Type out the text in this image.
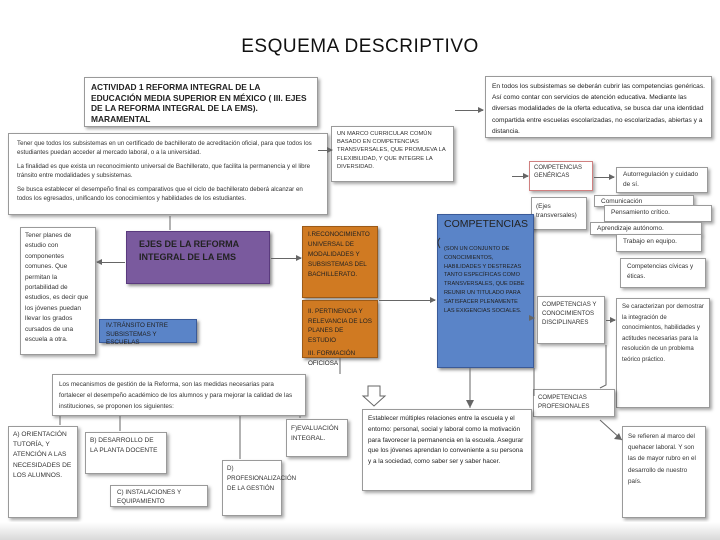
ESQUEMA DESCRIPTIVO
ACTIVIDAD 1 REFORMA INTEGRAL DE LA EDUCACIÓN MEDIA SUPERIOR EN MÉXICO ( III. EJES DE LA REFORMA INTEGRAL DE LA EMS). MARAMENTAL
Tener que todos los subsistemas en un certificado de bachillerato de acreditación oficial, para que todos los estudiantes puedan acceder al mercado laboral, o a la universidad.
La finalidad es que exista un reconocimiento universal de Bachillerato, que facilita la permanencia y el libre tránsito entre modalidades y subsistemas.
Se busca establecer el desempeño final es comparativos que el ciclo de bachillerato deberá alcanzar en todos los egresados, unificando los conocimientos y habilidades de los estudiantes.
UN MARCO CURRICULAR COMÚN BASADO EN COMPETENCIAS TRANSVERSALES, QUE PROMUEVA LA FLEXIBILIDAD, Y QUE INTEGRE LA DIVERSIDAD.
En todos los subsistemas se deberán cubrir las competencias genéricas. Así como contar con servicios de atención educativa. Mediante las diversas modalidades de la oferta educativa, se busca dar una identidad compartida entre escuelas escolarizadas, no escolarizadas, abiertas y a distancia.
COMPETENCIAS GENÉRICAS
(Ejes transversales)
Autorregulación y cuidado de sí.
Comunicación
Pensamiento crítico.
Aprendizaje autónomo.
Trabajo en equipo.
Competencias cívicas y éticas.
Tener planes de estudio con componentes comunes. Que permitan la portabilidad de estudios, es decir que los jóvenes puedan llevar los grados cursados de una escuela a otra.
EJES DE LA REFORMA INTEGRAL DE LA EMS
I.RECONOCIMIENTO UNIVERSAL DE MODALIDADES Y SUBSISTEMAS DEL BACHILLERATO.
II. PERTINENCIA Y RELEVANCIA DE LOS PLANES DE ESTUDIO
III. FORMACIÓN OFICIOSA
IV.TRÁNSITO ENTRE SUBSISTEMAS Y ESCUELAS
COMPETENCIAS
(SON UN CONJUNTO DE CONOCIMIENTOS, HABILIDADES Y DESTREZAS TANTO ESPECÍFICAS COMO TRANSVERSALES, QUE DEBE REUNIR UN TITULADO PARA SATISFACER PLENAMENTE LAS EXIGENCIAS SOCIALES.
COMPETENCIAS Y CONOCIMIENTOS DISCIPLINARES
Se caracterizan por demostrar la integración de conocimientos, habilidades y actitudes necesarias para la resolución de un problema teórico práctico.
COMPETENCIAS PROFESIONALES
Se refieren al marco del quehacer laboral. Y son las de mayor rubro en el desarrollo de nuestro país.
Los mecanismos de gestión de la Reforma, son las medidas necesarias para fortalecer el desempeño académico de los alumnos y para mejorar la calidad de las instituciones, se proponen los siguientes:
Establecer múltiples relaciones entre la escuela y el entorno: personal, social y laboral como la motivación para favorecer la permanencia en la escuela. Asegurar que los jóvenes aprendan lo conveniente a su persona y a la sociedad, como saber ser y saber hacer.
F)EVALUACIÓN INTEGRAL.
A) ORIENTACIÓN TUTORÍA, Y ATENCIÓN A LAS NECESIDADES DE LOS ALUMNOS.
B) DESARROLLO DE LA PLANTA DOCENTE
C) INSTALACIONES Y EQUIPAMIENTO
D) PROFESIONALIZACIÓN DE LA GESTIÓN
